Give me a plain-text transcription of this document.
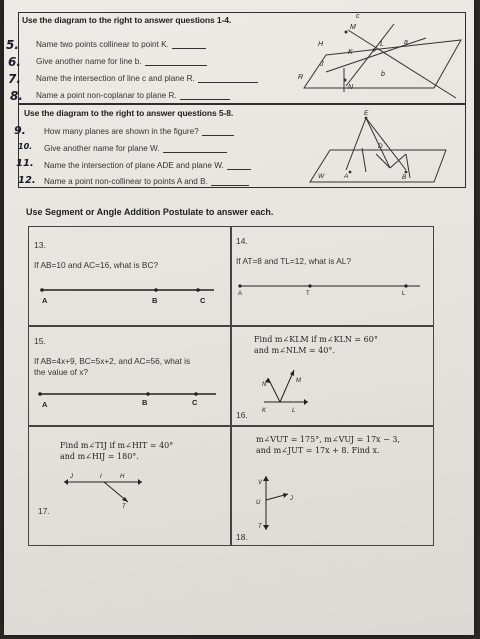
Use the diagram to the right to answer questions 1-4.
5. Name two points collinear to point K.
6. Give another name for line b.
7. Name the intersection of line c and plane R.
8. Name a point non-coplanar to plane R.
c
M
H
K
L	a
R
J
b
N
Use the diagram to the right to answer questions 5-8.
9. How many planes are shown in the figure?
10. Give another name for plane W.
11. Name the intersection of plane ADE and plane W.
12. Name a point non-collinear to points A and B.
E
D
W	A	B
Use Segment or Angle Addition Postulate to answer each.
13.
If AB=10 and AC=16, what is BC?
A	B	C
14.
If AT=8 and TL=12, what is AL?
A	T	L
15.
If AB=4x+9, BC=5x+2, and AC=56, what is
the value of x?
A	B	C
Find m∠KLM if m∠KLN = 60°
and m∠NLM = 40°.
N
M
K	L
16.
Find m∠TIJ if m∠HIT = 40°
and m∠HIJ = 180°.
J	I	H
T
17.
m∠VUT = 175°, m∠VUJ = 17x − 3,
and m∠JUT = 17x + 8. Find x.
V
U
J
T
18.
